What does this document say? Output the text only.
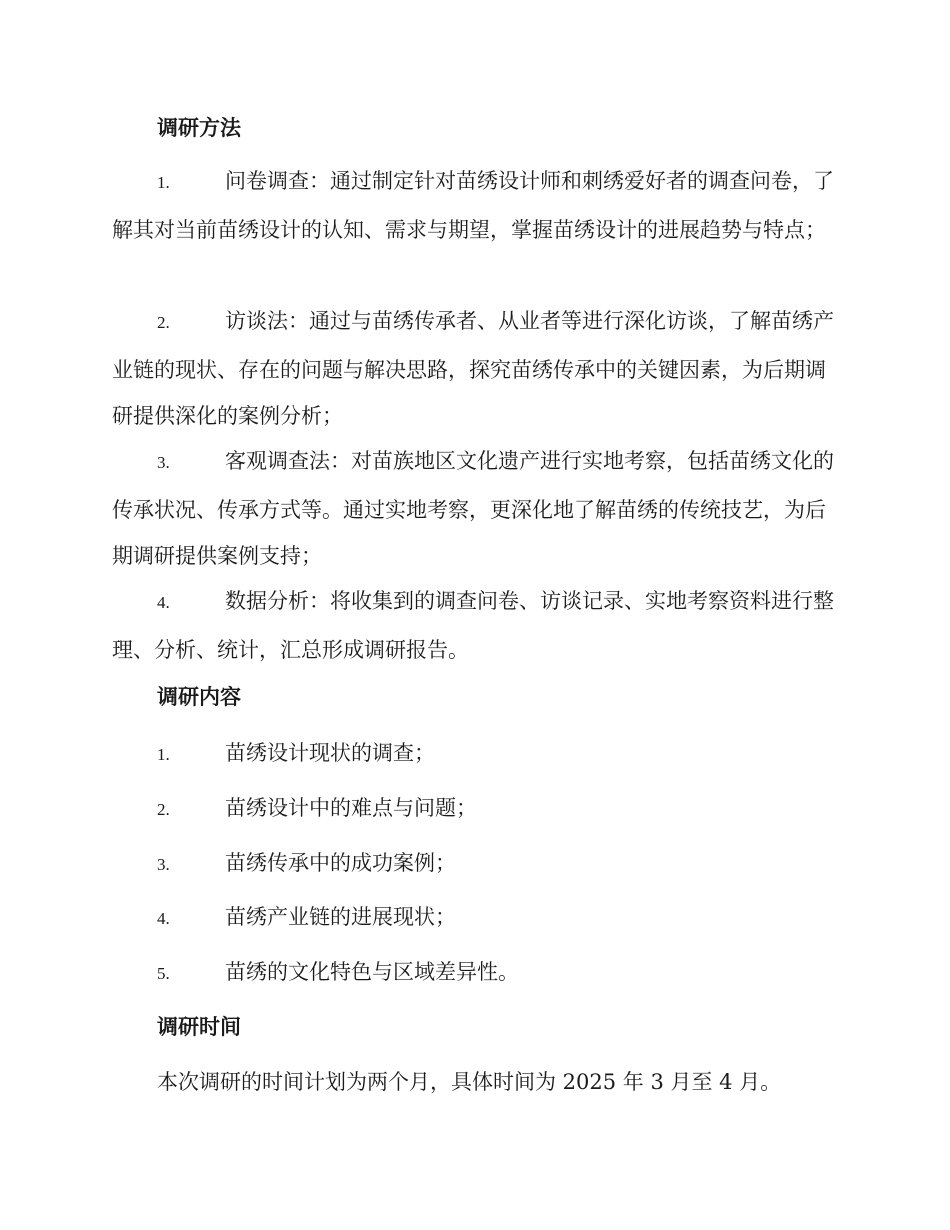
调研方法

1.	问卷调查：通过制定针对苗绣设计师和刺绣爱好者的调查问卷，了解其对当前苗绣设计的认知、需求与期望，掌握苗绣设计的进展趋势与特点；

2.	访谈法：通过与苗绣传承者、从业者等进行深化访谈，了解苗绣产业链的现状、存在的问题与解决思路，探究苗绣传承中的关键因素，为后期调研提供深化的案例分析；

3.	客观调查法：对苗族地区文化遗产进行实地考察，包括苗绣文化的传承状况、传承方式等。通过实地考察，更深化地了解苗绣的传统技艺，为后期调研提供案例支持；

4.	数据分析：将收集到的调查问卷、访谈记录、实地考察资料进行整理、分析、统计，汇总形成调研报告。

调研内容
1.	苗绣设计现状的调查；
2.	苗绣设计中的难点与问题；
3.	苗绣传承中的成功案例；
4.	苗绣产业链的进展现状；
5.	苗绣的文化特色与区域差异性。
调研时间
本次调研的时间计划为两个月，具体时间为 2025 年 3 月至 4 月。
